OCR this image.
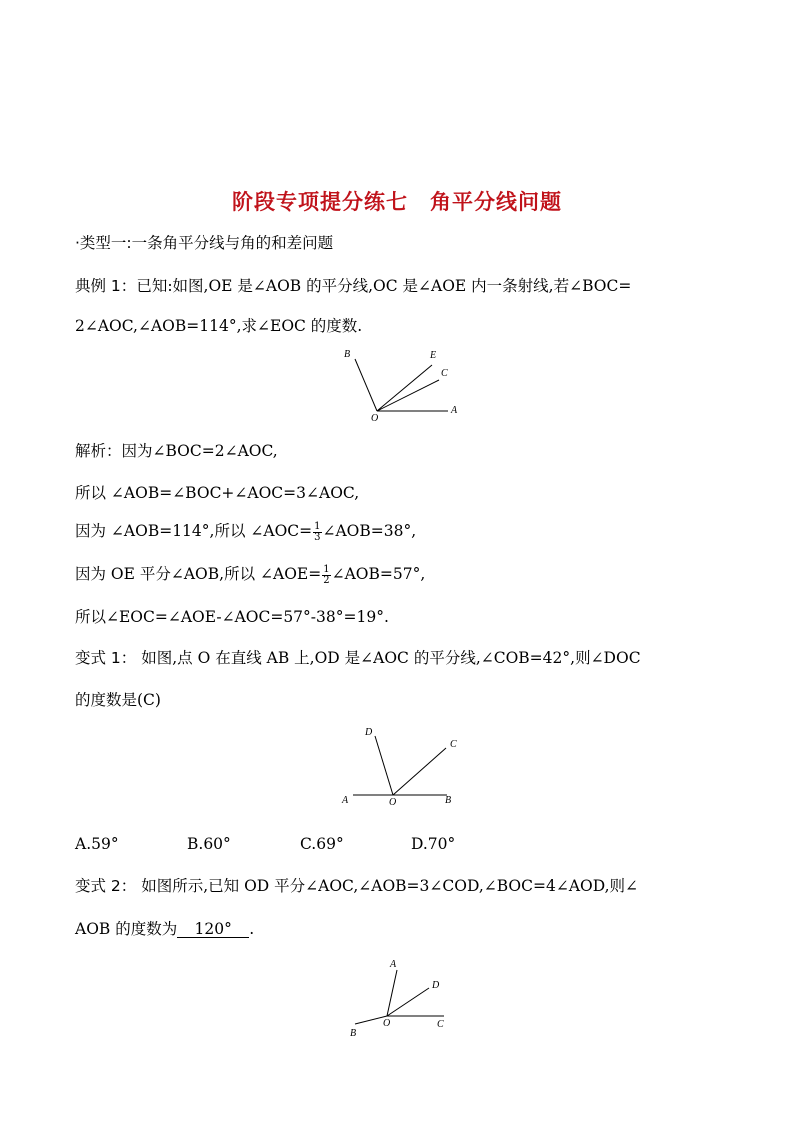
阶段专项提分练七　角平分线问题
·类型一:一条角平分线与角的和差问题
典例 1：已知:如图,OE 是∠AOB 的平分线,OC 是∠AOE 内一条射线,若∠BOC=
2∠AOC,∠AOB=114°,求∠EOC 的度数.
B	E
C
O
A
解析：因为∠BOC=2∠AOC,
所以 ∠AOB=∠BOC+∠AOC=3∠AOC,
因为 ∠AOB=114°,所以 ∠AOC= $\frac{1}{3}$ ∠AOB=38°,
因为 OE 平分∠AOB,所以 ∠AOE= $\frac{1}{2}$ ∠AOB=57°,
所以∠EOC=∠AOE-∠AOC=57°-38°=19°.
变式 1： 如图,点 O 在直线 AB 上,OD 是∠AOC 的平分线,∠COB=42°,则∠DOC
的度数是(C)
D
C
A	O	B
A.59°	B.60°	C.69°	D.70°
变式 2： 如图所示,已知 OD 平分∠AOC,∠AOB=3∠COD,∠BOC=4∠AOD,则∠
AOB 的度数为 120° .
A
D
B
O	C
